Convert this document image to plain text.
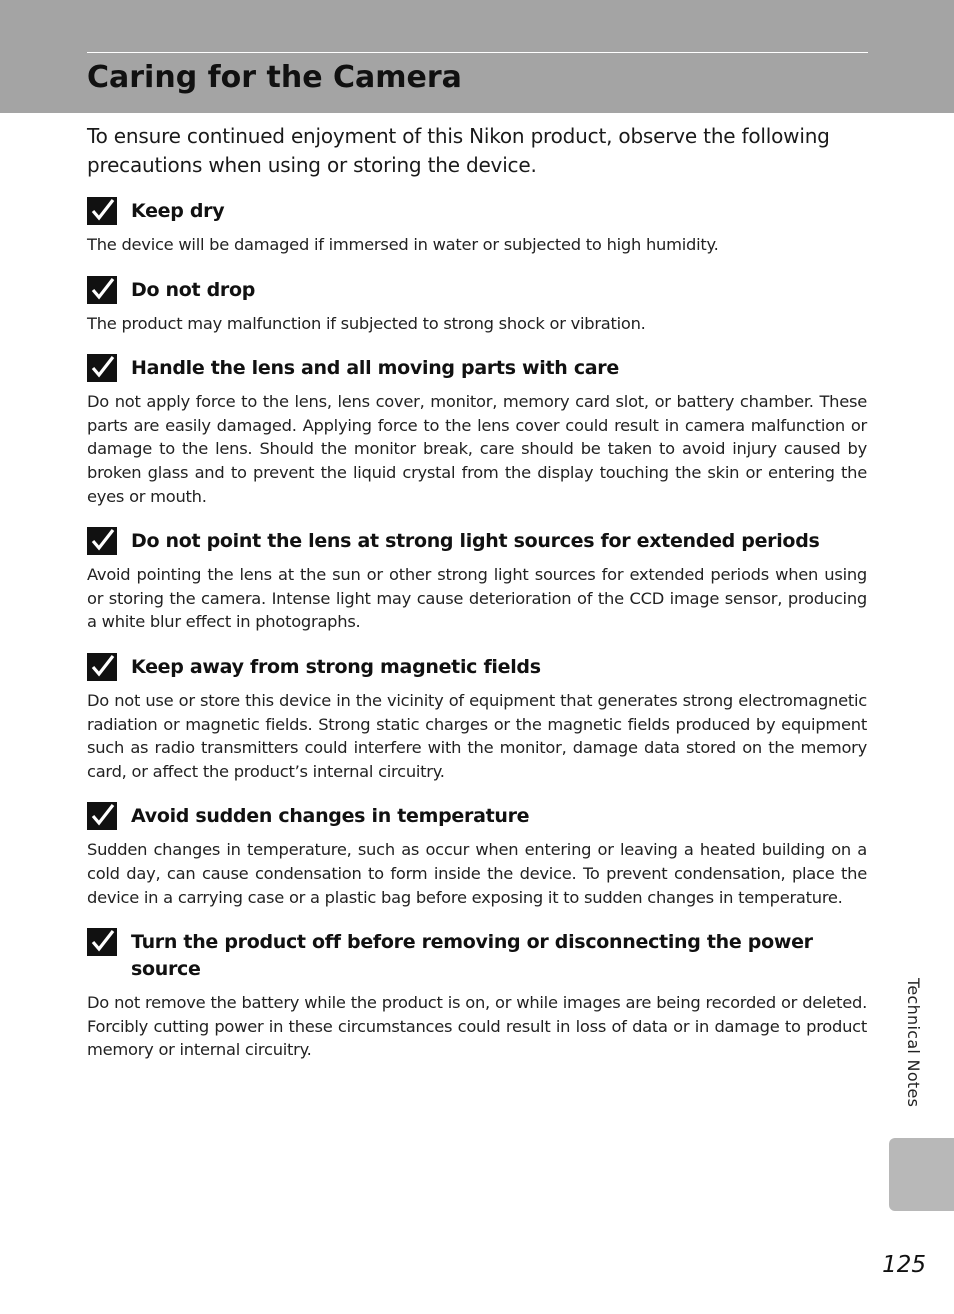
Caring for the Camera

To ensure continued enjoyment of this Nikon product, observe the following precautions when using or storing the device.

Keep dry

The device will be damaged if immersed in water or subjected to high humidity.

Do not drop

The product may malfunction if subjected to strong shock or vibration.

Handle the lens and all moving parts with care

Do not apply force to the lens, lens cover, monitor, memory card slot, or battery chamber. These parts are easily damaged. Applying force to the lens cover could result in camera malfunction or damage to the lens. Should the monitor break, care should be taken to avoid injury caused by broken glass and to prevent the liquid crystal from the display touching the skin or entering the eyes or mouth.

Do not point the lens at strong light sources for extended periods

Avoid pointing the lens at the sun or other strong light sources for extended periods when using or storing the camera. Intense light may cause deterioration of the CCD image sensor, producing a white blur effect in photographs.

Keep away from strong magnetic fields

Do not use or store this device in the vicinity of equipment that generates strong electromagnetic radiation or magnetic fields. Strong static charges or the magnetic fields produced by equipment such as radio transmitters could interfere with the monitor, damage data stored on the memory card, or affect the product’s internal circuitry.

Avoid sudden changes in temperature

Sudden changes in temperature, such as occur when entering or leaving a heated building on a cold day, can cause condensation to form inside the device. To prevent condensation, place the device in a carrying case or a plastic bag before exposing it to sudden changes in temperature.

Turn the product off before removing or disconnecting the power source

Do not remove the battery while the product is on, or while images are being recorded or deleted. Forcibly cutting power in these circumstances could result in loss of data or in damage to product memory or internal circuitry.	Technical Notes
125
